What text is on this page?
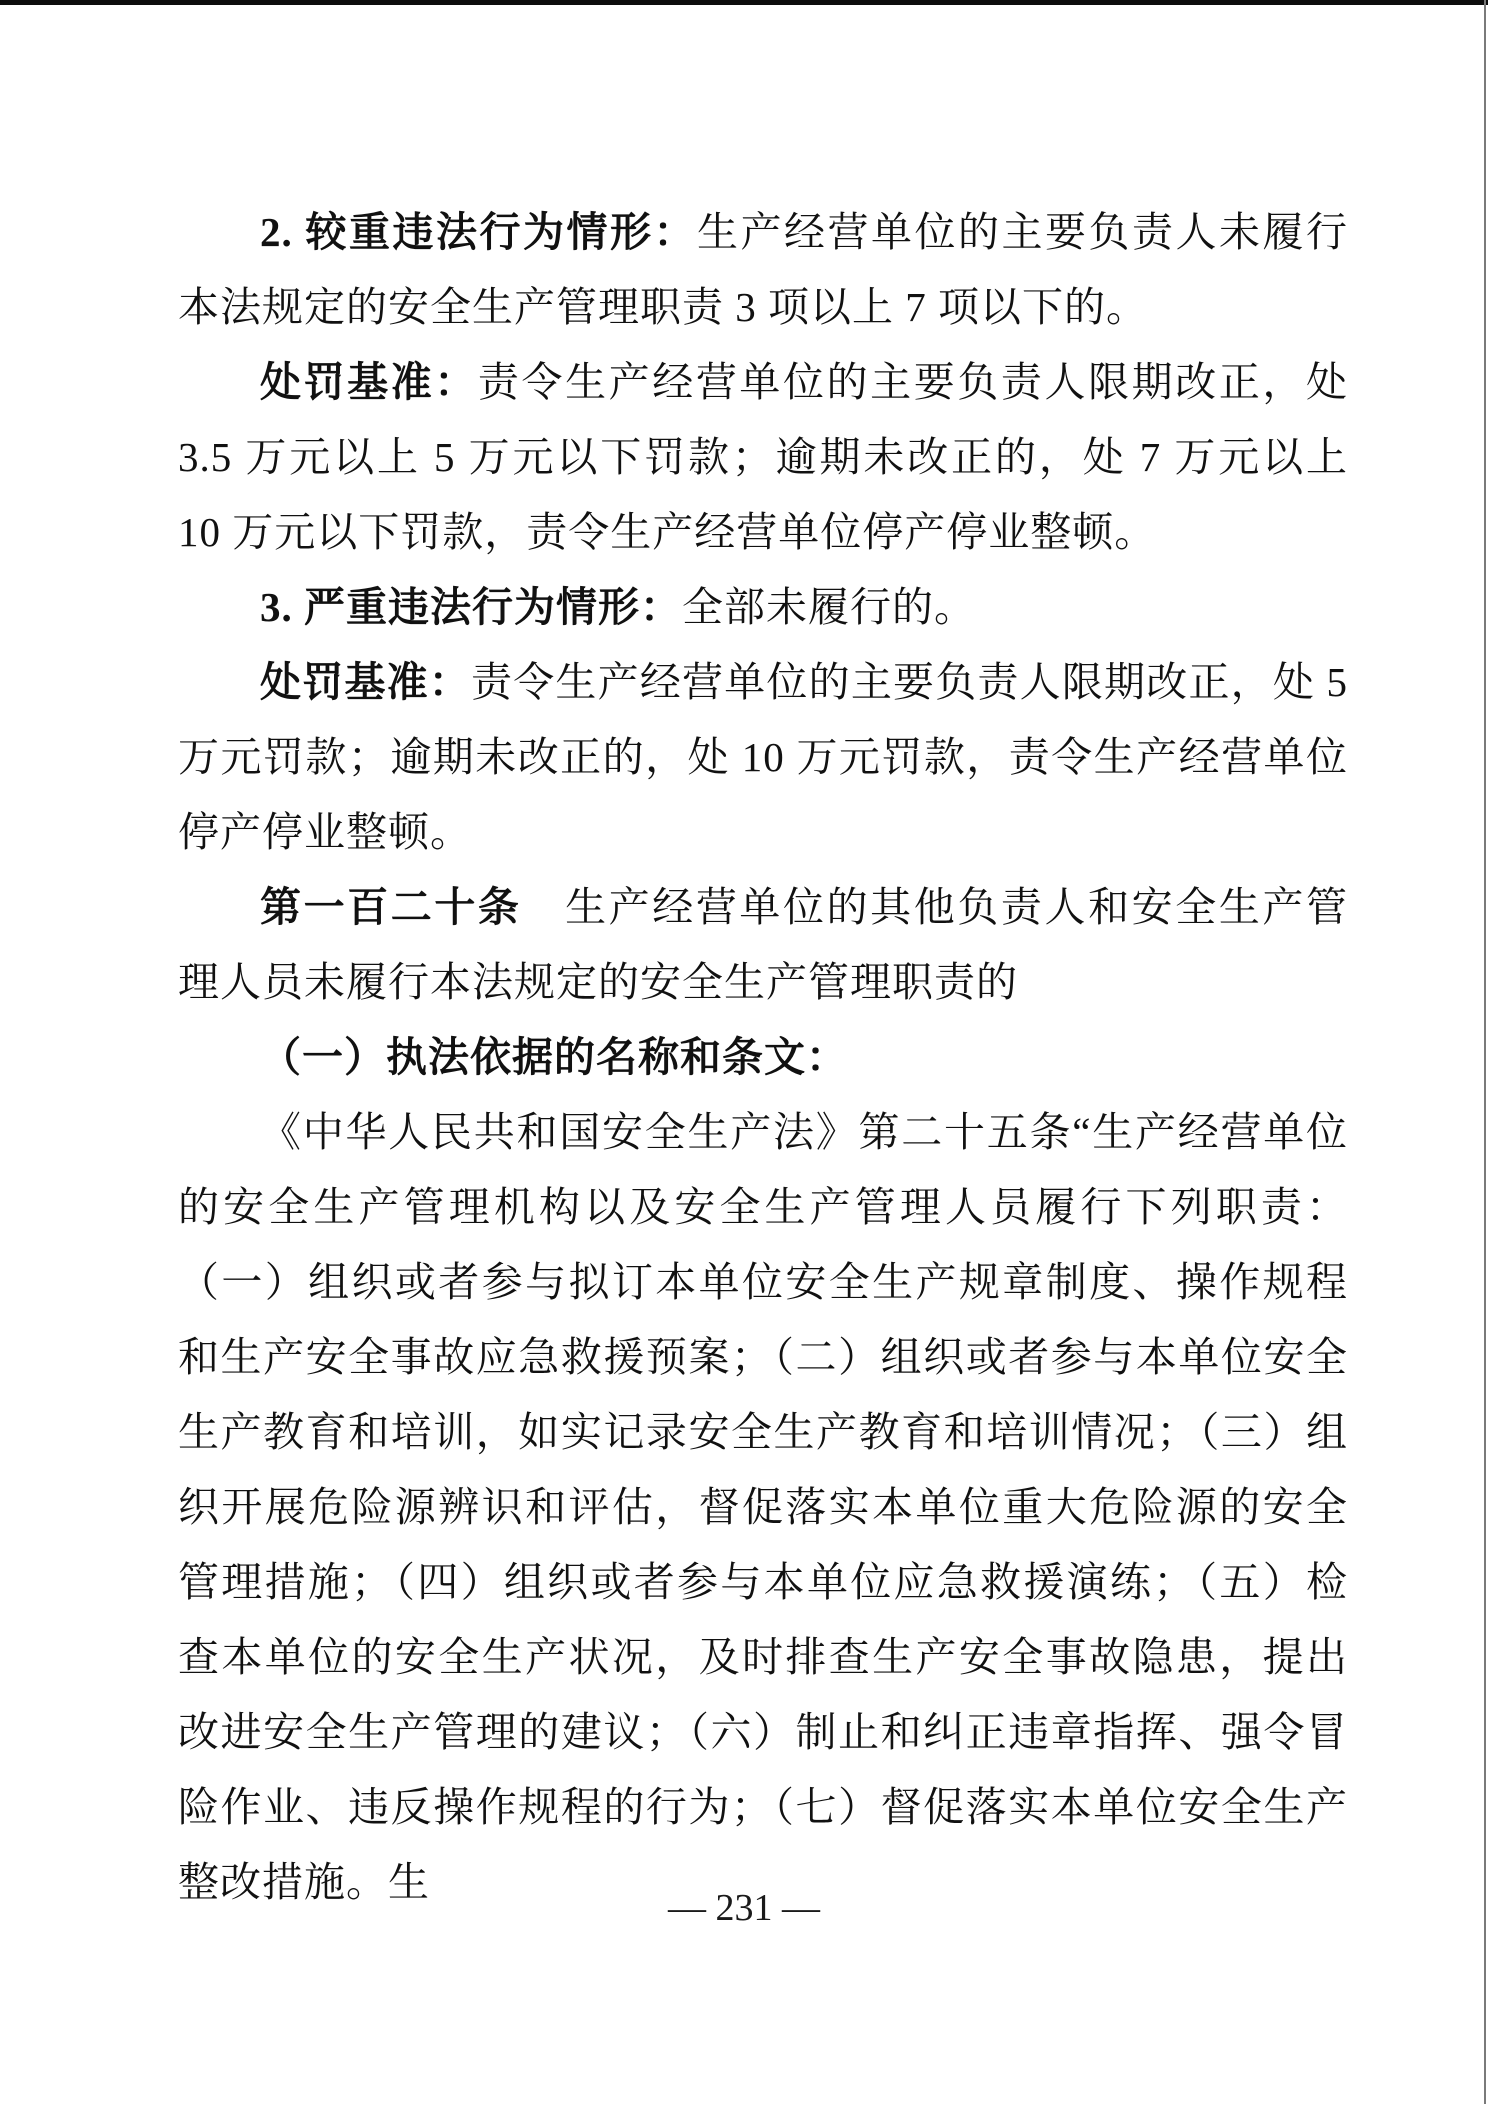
2. 较重违法行为情形：生产经营单位的主要负责人未履行本法规定的安全生产管理职责 3 项以上 7 项以下的。

处罚基准：责令生产经营单位的主要负责人限期改正，处 3.5 万元以上 5 万元以下罚款；逾期未改正的，处 7 万元以上 10 万元以下罚款，责令生产经营单位停产停业整顿。

3. 严重违法行为情形：全部未履行的。

处罚基准：责令生产经营单位的主要负责人限期改正，处 5 万元罚款；逾期未改正的，处 10 万元罚款，责令生产经营单位停产停业整顿。

第一百二十条　生产经营单位的其他负责人和安全生产管理人员未履行本法规定的安全生产管理职责的

（一）执法依据的名称和条文：

《中华人民共和国安全生产法》第二十五条“生产经营单位的安全生产管理机构以及安全生产管理人员履行下列职责：（一）组织或者参与拟订本单位安全生产规章制度、操作规程和生产安全事故应急救援预案；（二）组织或者参与本单位安全生产教育和培训，如实记录安全生产教育和培训情况；（三）组织开展危险源辨识和评估，督促落实本单位重大危险源的安全管理措施；（四）组织或者参与本单位应急救援演练；（五）检查本单位的安全生产状况，及时排查生产安全事故隐患，提出改进安全生产管理的建议；（六）制止和纠正违章指挥、强令冒险作业、违反操作规程的行为；（七）督促落实本单位安全生产整改措施。生

— 231 —
